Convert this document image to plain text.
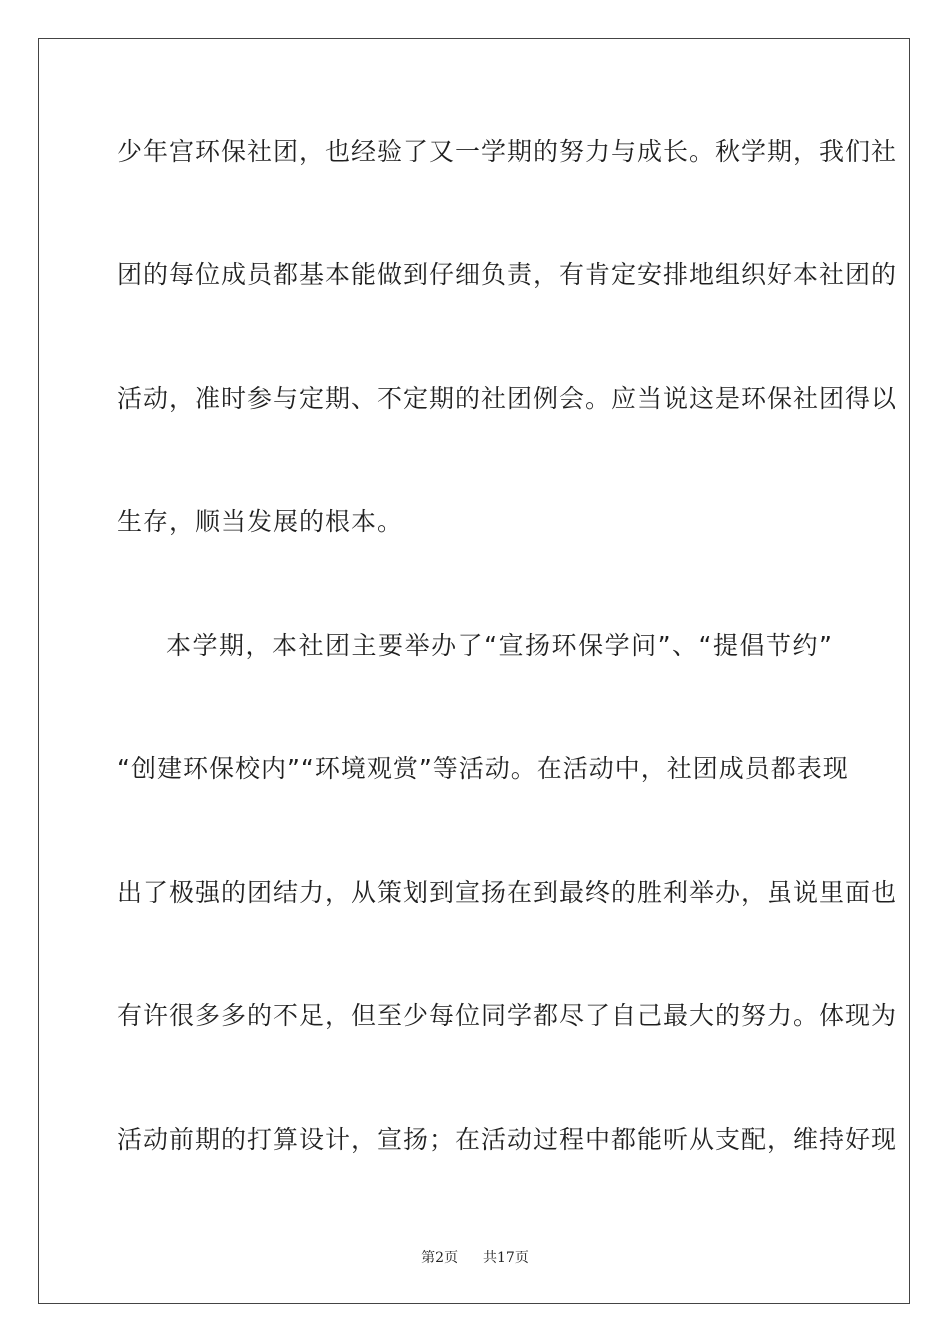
少年宫环保社团，也经验了又一学期的努力与成长。秋学期，我们社
团的每位成员都基本能做到仔细负责，有肯定安排地组织好本社团的
活动，准时参与定期、不定期的社团例会。应当说这是环保社团得以
生存，顺当发展的根本。
本学期，本社团主要举办了“宣扬环保学问”、“提倡节约”
“创建环保校内”“环境观赏”等活动。在活动中，社团成员都表现
出了极强的团结力，从策划到宣扬在到最终的胜利举办，虽说里面也
有许很多多的不足，但至少每位同学都尽了自己最大的努力。体现为
活动前期的打算设计，宣扬；在活动过程中都能听从支配，维持好现
第2页 共17页
